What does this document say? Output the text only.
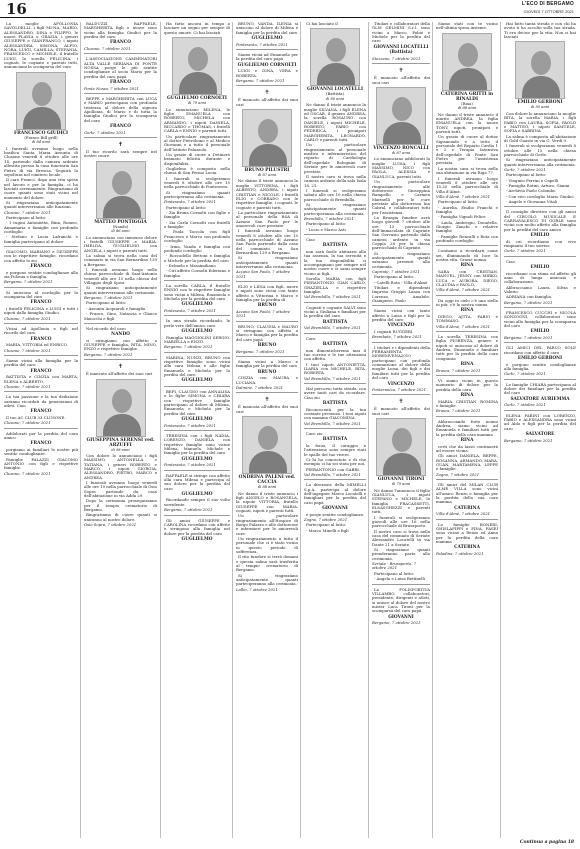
16	L'ECO DI BERGAMO
GIOVEDÌ 7 OTTOBRE 2021
La moglie APOLLONIA SAVOLDELLI, i figli MI-NA, MARIO, ALESSANDRO, DINA e FILIPPO, le nuore FLAVIA e GRAZIA, i generi GIUSEPPE e GIANFRANCO, i nipoti ALESSANDRA, SIMONA, ALFIO, NORA, LUIGI, CAMILLA, STEFANIA, FRANCESCO e MICHELE, il fratello LUIGI, la sorella FELICINA, i cognati, le cognate e parenti tutti, annunciano la scomparsa del caro
FRANCESCO GIUDICI
(Franco Bill grill)
di 84 anni
I funerali avranno luogo nella basilica Santa Maria Assunta di Clusone venerdì 8 ottobre alle ore 14, partendo dalla camera ardente allestita presso la casa funeraria San Pietro di via Brescia. Seguirà la sepoltura nel cimitero locale.
Il caro Franco, dopo una vita spesa nel lavoro e per la famiglia, ci ha lasciati serenamente. Ringraziamo di cuore quanti sono stati vicini nel momento del dolore.
Si ringraziano anticipatamente quanti interverranno alle funzioni.
Clusone, 7 ottobre 2021
Partecipano al lutto:
- I cugini Antonietta, Bina, Romeo, Annamaria e famiglie con profondo cordoglio
- Stefano e Lucia Lafranchi e famiglia partecipano al dolore
GIACOMO, MARIANO e GIUSEPPE con le rispettive famiglie, ricordano con affetto lo zio
FRANCO
e porgono sentite condoglianze alla zia Polonia e famiglia.
Bergamo, 7 ottobre 2021
Si uniscono al cordoglio per la scomparsa del caro
FRANCO
i fratelli FELICINA e LUIGI e tutti i nipoti dalla famiglia Giudici.
Clusone, 7 ottobre 2021
Vicini ad Apollonia e figli nel ricordo del caro
FRANCO
MARIA, VITTORIA ed ENRICO.
Clusone, 7 ottobre 2021
Siamo vicini alla famiglia per la perdita del caro
FRANCO
BATTISTA e CINZIA con MARTA, ELENA e ALBERTO.
Clusone, 7 ottobre 2021
La tua passione e la tua dedizione saranno ricordati da generazioni di atleti. Ciao
FRANCO
Il tuo AC CLUB 33 CLUSONE.
Clusone, 7 ottobre 2021
Addolorati per la perdita del caro amico
FRANCO
porgiamo ai familiari le nostre più sentite condoglianze.
Famiglie PALAZZI GIACOMO ANTONIO con figli e rispettive famiglie.
Clusone, 7 ottobre 2021
BALDUZZI RAFFAELE, MARGHERITA figli e nuove sono vicini alla famiglia Giudici per la perdita del caro
FRANCO
Clusone, 7 ottobre 2021
L'ASSOCIAZIONE CAMMINATORI ALTA VALLE SERIANA DI PONTE NOSSA porge le più sentite condoglianze al socio Mario per la perdita del caro papà
FRANCO
Ponte Nossa, 7 ottobre 2021
BEPPE e MARGHERITA con LUCA e MARIO partecipano con profonda tristezza al dolore della signora Apollonia, di Mario e di tutta la famiglia Giudici per la scomparsa del caro
FRANCO
Gorle, 7 ottobre 2021
✝
Il tuo ricordo sarà sempre nel nostro cuore.
MATTEO PONTIGGIA
(Nando)
di 86 anni
Lo annunciano con immenso dolore i fratelli GIUSEPPE e MARIA, IMELDA, GUGLIELMO con ANGELA, i nipoti e parenti tutti.
La salma si trova nella casa del commiato in via San Bernardino 139 a Bergamo.
I funerali avranno luogo nella chiesa parrocchiale di Sant'Antonio venerdì alle ore 15 nella chiesa del Villaggio degli Sposi.
Si ringraziano anticipatamente quanti interverranno alle cerimonie.
Bergamo, 7 ottobre 2021
Partecipano al lutto:
- Assunta Acquaroli e famiglia
- Franco, Gino, Natascia e Glauco Maiocchi e figli
Nel ricordo del caro
NANDO
ci stringiamo con affetto a GIUSEPPE e famiglia, RITA, MINO, ENZO e rispettive famiglie.
Bergamo, 7 ottobre 2021
✝
È mancato all'affetto dei suoi cari
GIUSEPPINA SERENSI ved. ARZUFFI
di 98 anni
Con dolore lo annunciano i figli MASSIMO, ANTONELLA e TATIANA, i generi ROBERTO e MARCO, i nipoti GIORGIA, ALESSANDRO, PIETRO, MARCO e ANDREA.
I funerali avranno luogo venerdì alle ore 10 nella parrocchiale di Osio Sopra partendo da casa dell'abitazione in via Adda 29.
Dopo la cerimonia proseguiranno per il tempio crematorio di Bergamo.
Ringraziamo di cuore quanti si uniranno al nostro dolore.
Osio Sopra, 7 ottobre 2021
Ha fatto ancora in tempo a lasciare un segno per sempre di questo amore. Ci hai lasciati
GUGLIELMO CORNOLTI
di 79 anni
Lo annunciano MILENA, le figlie EMANUELA con ROBERTO, MICHELA con ARMANDO, i nipoti DANIELA, RICCARDO e THOMAS, i fratelli CARLA e ENNIO e parenti tutti.
Un particolare ringraziamento al dottor Pietrobono e al Medico Giovanni e a tutto il personale dell'Istituto Palazzolo.
Un grazie di cuore a Detinerò bramato felicità durante e disponibilità.
Guglielmo è composto nella chiesa di San Fermo Lucia.
I funerali si svolgeranno venerdì 8 ottobre alle ore 15 nella parrocchiale di Pontesesto.
Si ringraziano quanti parteciperanno alla cerimonia.
Pontesesto, 7 ottobre 2021
Partecipano al lutto:
- Zia Bruna Cornolti con figlie e famiglie
- Zia Carla Cornolti con fratelli e famiglie
- Paola Taccola con figli Francesco e Marco con profondo cordoglio
- Irma, Vanda e famiglia con profondo cordoglio
- Roccadello Bettoni e famiglia e Michele per la perdita del caro
- Delmelo e Massimiliano
- Ciri affetto Cornolti Ederiano e famiglia
La sorella CARLA, il fratello ENNIO con le rispettive famiglie sono vicini a Milena, Emanuela e Michela per la perdita del caro
GUGLIELMO
Pontesesto, 7 ottobre 2021
In una strada ricordando, le perle vere dell'amico caro
GUGLIELMO
Famiglia MAGGIOLINI SERGIO, MARIELLA e ENZO.
Bergamo, 7 ottobre 2021
MARINA, NUNZI, BRUNO con rispettive famiglie sono vicini alla cara Milena e alle figlie Emanuela e Michela per la perdita del caro
GUGLIELMO
BEPI, CLAUDIO con ANNALISA e le figlie SIMONA e CHIARA con rispettive famiglie partecipano al dolore di Milena, Emanuela e Michela per la perdita del caro
GUGLIELMO
Pontesesto, 7 ottobre 2021
TERESINA con i figli NADIA, LORENZO, DANIELA con rispettive famiglie sono vicine Milena, Manuela, Michele e famiglie per la perdita del caro
GUGLIELMO
Pontesesto, 7 ottobre 2021
RAFFAELE si stringe con affetto alla cara Milena e partecipa al suo dolore per la perdita del caro
GUGLIELMO
Ricordando sempre il suo volto sorridente.
Bergamo, 7 ottobre 2021
Gli amici GIUSEPPE e CAROLINA ricordano con affetto e stringono alla famiglia nel dolore per la perdita del caro
GUGLIELMO
BRUNO, VANDA, ILENIA si uniscono al dolore di Milena e famiglia per la perdita del caro
GUGLIELMO
Pontesesto, 7 ottobre 2021
Siamo vicini ad Emanuela per la perdita del caro papà
GUGLIELMO CORNOLTI
LUIGI e DINA, VERA e ROBERTA.
Bergamo, 7 ottobre 2021
✝
È mancato all'affetto dei suoi cari
BRUNO PILUSTRI
di 87 anni
Ne danno il triste annuncio la moglie VITTORINA, i figli ALBERTO, ANDREA, i nipoti CRISTIAN e NICOLE, i fratelli ELIO e CORRADO con le rispettive famiglie, i cognati, le cognate e parenti tutti.
La particolare ringraziamento al personale della RSA di Azzano San Paolo per le amorevoli cure prestate.
I funerali avranno luogo venerdì 8 ottobre alle ore 15 nella parrocchiale di Azzano San Paolo partendo dalla casa del commiato in San Bernardino 139 a Bergamo.
Si ringraziano anticipatamente quanti interverranno alla cerimonia.
Azzano San Paolo, 7 ottobre 2021
ELIO e LIDIA con figli, nuore e nipoti sono vicini con tanto affetto a Vittorina e Marco e famiglia per la perdita di
BRUNO
Azzano San Paolo, 7 ottobre 2021
BRUNO, CLAUDIA e MAURO si stringono con affetto a Marco e famiglia per la perdita del caro papà
BRUNO
Bergamo, 7 ottobre 2021
Siamo vicini a Marco e famiglia per la perdita del caro
BRUNO
CINZIA con MAURA e LUCIANA.
Dalmine, 7 ottobre 2021
✝
È mancata all'affetto dei suoi cari
ONDRINA PALENI ved. CACCIA
di 88 anni
Ne danno il triste annuncio i figli ANGELO e ROSANGELA, la nipote VITTORIA, fratello GIUSEPPE con MARIA, cognati, nipoti e parenti tutti.
Un particolare ringraziamento all'Hospice di Borgo Palazzo e alle dottoresse e infermieri per le amorevoli cure.
Un ringraziamento a tutto il personale che ci è stato vicino in questo periodo di sofferenza.
Il rito funebre si terrà domani e questa salma sarà trasferita al tempio crematorio di Bergamo.
Si ringraziano anticipatamente quanti parteciperanno alla cerimonia.
Lallio, 7 ottobre 2021
Ci hai lasciato il
GIOVANNI LOCATELLI
(Battista)
di 80 anni
Ne danno il triste annuncio la moglie SILVANA, i figli ELENA ed OSCAR, il genero ANDREA, la sorella ROSAURO con DANIELE, i nipoti MICHELE, ROBERTO, FABIO con FEDERICA, i pronipoti MARGHERITA, LEONARDO, CARLO e parenti tutti.
Un particolare ringraziamento al personale medico e infermieristico del reparto di Cardiologia dell'ospedale Bolognini di Seriate per le amorevoli cure prestate.
Il nostro caro si trova nella camera ardente della sala Isala 18, 21.
I funerali si svolgeranno sabato alle ore 10 nella chiesa parrocchiale di Brembilla.
Si ringraziano anticipatamente quanti parteciperanno alla cerimonia.
Brembilla, 7 ottobre 2021
Partecipano al lutto:
- Lucio e Marco Asti
Ciao
BATTISTA
non sarà facile abituarsi alla tua assenza, la tua serenità e la tua disponibilità ci accompagnano per sempre nel nostro cuore e ci sarai sempre vicino ai figli.
Sorella MARIA con figli PIERANTONIO, GIAN CARLO, GRAZIELLA e rispettive famiglie.
Val Brembilla, 7 ottobre 2021
Cognati e cognate SALVI sono vicini a Giuliana e familiari per la perdita del caro
BATTISTA
Val Brembilla, 7 ottobre 2021
Caro
BATTISTA
non dimenticheremo mai il tuo sorriso e le tue attenzioni con affetto.
I tuoi nipoti ANTONIETTA, ILARIA con MICHELE, RITA, ROBERTA.
Val Brembilla, 7 ottobre 2021
Hai percorso tutta strada, con avere tanti cari da ricordare. Ciao zio
BATTISTA
Riconoscenti per la tua costante presenza. I tuoi nipoti con mamma GIACOMINA.
Val Brembilla, 7 ottobre 2021
Caro zio
BATTISTA
la forza, il coraggio e l'attenzione sono sempre stati le spalle del tuo vivere.
Ci hi ho conosciuto e di che esempio ci ha sei stato per noi.
PIERANTONIO con GABRI.
Val Brembilla, 7 ottobre 2021
La direzione della MIMELLI S.p.A. partecipa al dolore dell'ingegner Marco Locatelli e famigliari per la perdita del caro papà
GIOVANNI
e porge sentite condoglianze.
Zogno, 7 ottobre 2021
Partecipano al lutto:
- Marco Minelli e figli
Titolari e collaboratori della GLM GELMINI S.r.l. sono vicini a Marco, Fabio e Michele per la perdita del caro
GIOVANNI LOCATELLI (Battista)
Stezzano, 7 ottobre 2021
✝
È mancato all'affetto dei suoi cari
VINCENZO RONCALLI
di 87 anni
Lo annunciano addolorati la moglie LUISA, i figli MASSIMO, NICO con PAOLA, ALESSIA e GIANLUCA, parenti tutti.
Un particolare ringraziamento alle dottoresse Giuseppina Rampello e Carmen Marinelli per le cure prestate alla dottoressa Ina Cabral, e collaboratori tutti per l'assistenza.
La Bruzgia funebre avrà luogo giovedì 7 ottobre alle ore 15 parrocchiale dell'Immacolata di Capriate San Gervasio partendo dalla camera ardente in via Coppia 28 per la chiesa parrocchiale di Capriate.
Si ringraziano anticipatamente quanti saranno presenti alla cerimonia.
Capriate, 7 ottobre 2021
Partecipano al lutto:
- Catelli Rota - Villa d'Almè
Titolari e dipendenti Impresa Gruppo Lanza con Lorenzo, Amabile, Giampiero, Paolo
Siamo vicini con tanto affetto a Luisa e figli per la perdita del caro
VINCENZO
I cognati RUGGERI.
Brembate, 7 ottobre 2021
I titolari e i dipendenti della FERRAMENTA MOREMVENA2010 partecipano con profonda commozione al dolore della moglie Luisa, dei figli e dei familiari tutti per la perdita del caro
VINCENZO
Ponteranica, 7 ottobre 2021
✝
È mancato all'affetto dei suoi cari
GIOVANNI TIRONI
di 79 anni
Ne danno l'annuncio il figlio GIANLUCA, i nipoti STEFANO e MICHELE, la famiglia FRACASSETTI, ELSASGHEZZI e parenti tutti.
I funerali si svolgeranno giovedì alle ore 16 nella parrocchiale di Brusaporto.
Il nostro caro si trova nella casa del commiato di Seriate Alessandro Locatelli in via Dante 21 a Seriate.
Si ringraziano quanti prenderanno parte alla cerimonia.
Seriate - Brusaporto, 7 ottobre 2021
Partecipano al lutto:
- Angela e Luisa Bettinelli
La POLISPORTIVA VILLAMBO, collaboratori, presidente, dirigenti e atleti, si unisce al dolore del nostro mister Luca Tironi per la scomparsa del caro papà
GIOVANNI
Bergamo, 7 ottobre 2021
Siamo stati con te vicino nell'ultima spesa insieme.
CATERINA GRITTI in RINALDI
(Rina)
di 88 anni
Ne danno il triste annuncio il marito ANDREA, la figlia EMANUELA con la nuora TONY, nipoti, pronipoti e parenti tutti.
Un grazie di cuore al dottor Sigismondo e a tutto il personale del Reparto Cardio 1 e 2 e Terapia Intensiva dell'ospedale di Ponte San Pietro per l'assistenza prestata.
La nostra cara si trova nella sua abitazione in via Riga 77.
I funerali avranno luogo venerdì 8 ottobre alle ore 15.30 nella parrocchiale di Villa d'Almè.
Villa d'Almè, 7 ottobre 2021
Partecipano al lutto:
- Aurelia, Emilio Franchi e famiglia
- Famiglia Vignoli Felice
- Laula, Ambrogio, Donatella, Giorgio Zanchi e relative famiglie
- Famiglie Roncalli e Rota con profondo cordoglio
Contiamo a ricordarti come sei, illuminando di luce la nostra vita. Grazie nonna.
RINA
SARA con CRISTIAN, MANUEL, JENNY con MIRKO, LUCA e AURORA, DIEGO, CLAUDIA e PAOLO.
Villa d'Almè, 7 ottobre 2021
Da oggi in cielo c'è una stella in più: c'è la nostra nonna
RINA
DIEGO, AJTTA, FABIO e TOMMASO.
Villa d'Almè, 7 ottobre 2021
La sorella TERESINA con figlia FIORENZA, genero e nipoti si uniscono al dolore di Andrea, Emanuela e familiari tutti per la perdita della cara congiunta
RINA
Brusca, 7 ottobre 2021
Vi siamo vicini in questo momento di dolore per la perdita della cara
RINA
MARIA, CRISTIAN, ROMINA e famiglie.
Brusca, 7 ottobre 2021
Abbracciando forte nonno Andrea, siamo vicini ad Emanuela e familiari tutti per la perdita della cara mamma
RINA
certi che da lassù continuerà ad essere vicina.
Gli amici DANIELA, BEPPE, ROSANNA, ARMANDO, MARA, GUAN, MARTAMENA, LEPPE e famiglie.
Zogno, 7 ottobre 2021
Gli amici del MILAN CLUB ALME VILLA sono vicini all'amico Renzo e famiglia per la perdita della sua cara mamma
CATERINA
Villa d'Almè, 7 ottobre 2021
Le famiglie BONERI, GHISLAFIPPI e FINA, FASEI sono vicine a Renzo ed Anna per la perdita della cara mamma
CATERINA
Paladina, 7 ottobre 2021
Hai fatto tanta strada e con chi ha avuto ti ha accolto sulla tua strada. Ti era deciso per la vita. Non ci hai lasciati
EMILIO GERBONI
di 95 anni
Con dolore lo annunciano la moglie RITA, la sorella MARIA, i figli FABIO con LAURA, SOFIA, PAOLO e MATTEO, i nipoti SAMUELE, SOFIA e SABRINA.
La salma è composta all'abitazione di Gold Guaste in via G. Verdi 9.
I funerali si svolgeranno venerdì 8 ottobre alle 15 nella chiesa parrocchiale di Gorle.
Si ringraziano anticipatamente quanti interverranno alla cerimonia.
Gorle, 7 ottobre 2021
Partecipano al lutto:
- Vinginio Ferrini e Capelli
- Famiglia Rotini, Arturo, Gianni
- Archivio Paolo Colombo
- Con vivo cordoglio Mario Giudici
- Angelo e Giovanna Vitali
Il consiglio direttivo con gli amici del CIRCOLO MUSICALE E CARNAVALESCO DI GORLE sono vicini con molto affetto alla famiglia per la perdita del caro amico
EMILIO
di cui ricordiamo con vivo rimpianto il tuo sorriso.
Gorle, 7 ottobre 2021
Ciao
EMILIO
ricordiamo con stima ed affetto gli anni di lunga amicizia e collaborazione.
Abbracciamo Laura, Silvia e Valerio.
ADRIANA con famiglia.
Bergamo, 7 ottobre 2021
FRANCESCO CUCCHI e NICOLA SONZOGNI, collaboratori sono vicini alla famiglia per la scomparsa del caro
EMILIO
Bergamo, 7 ottobre 2021
GLI AMICI DEL PARCO SOLE ricordano con affetto il caro
EMILIO GERBONI
e porgono sentite condoglianze alla famiglia.
Gorle, 7 ottobre 2021
Le famiglie CHIARA partecipano al dolore dei familiari per la perdita del caro
SALVATORE AURIEMMA
Gorle, 7 ottobre 2021
ELENA FARINI con LORENZO, FABIO e ALESSANDRA sono vicini ad Aldo e figli per la perdita del caro
SALVATORE
Bergamo, 7 ottobre 2021
Continua a pagina 18
